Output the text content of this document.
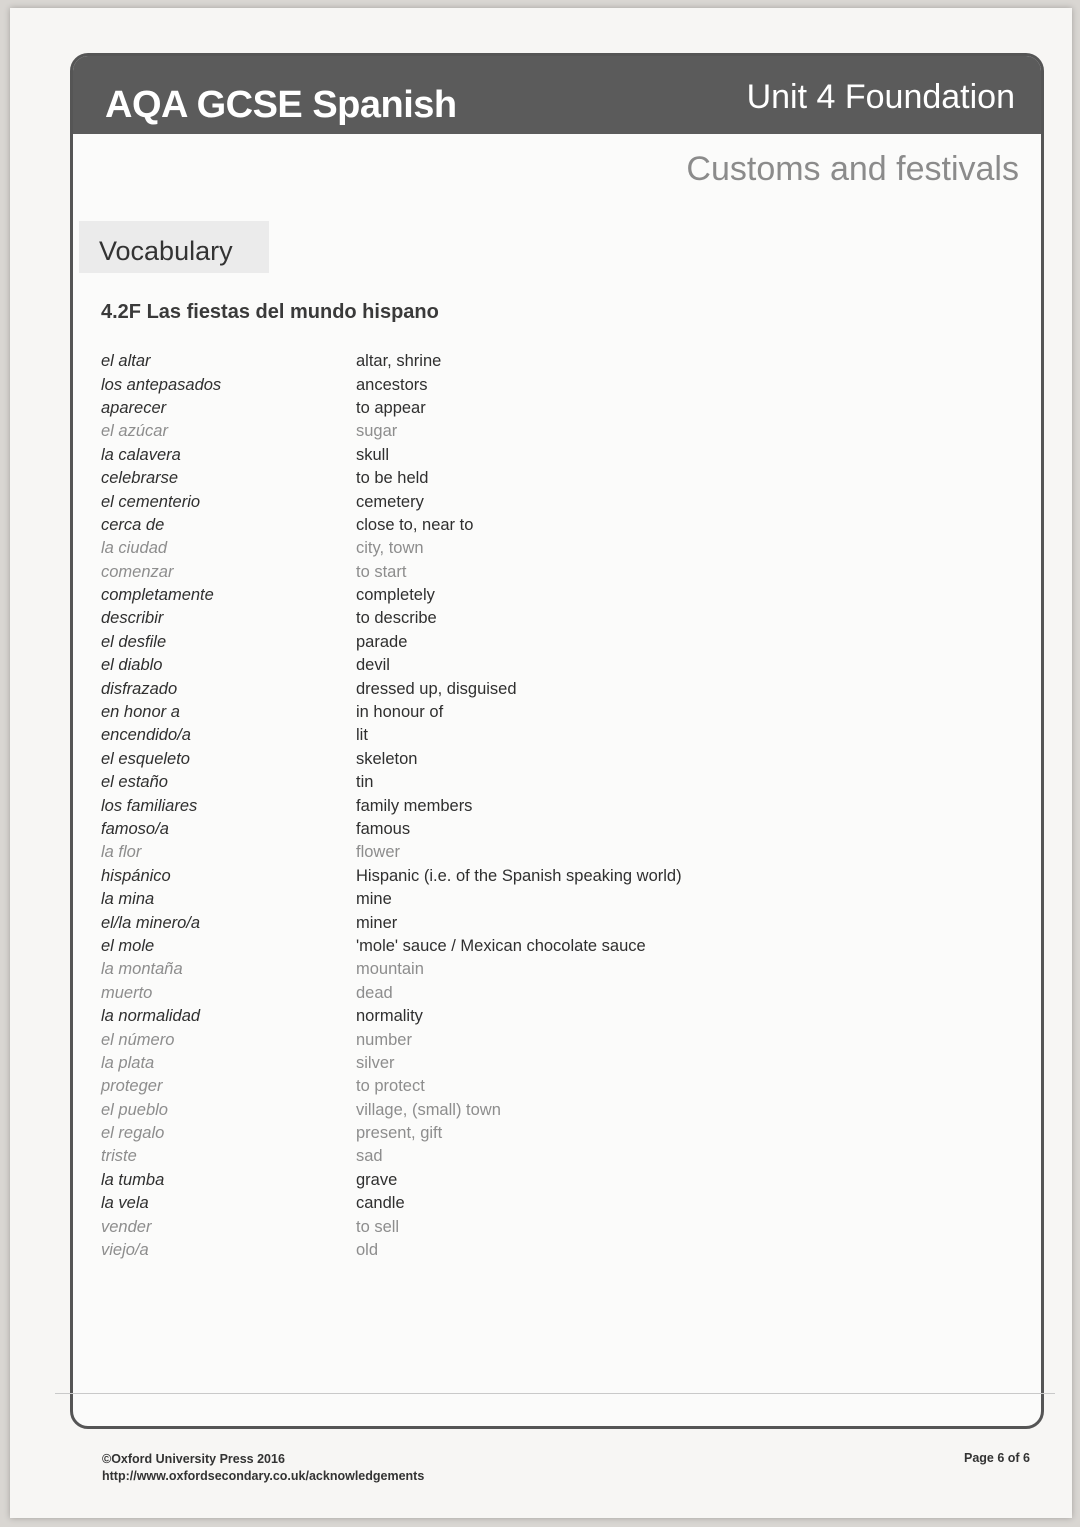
AQA GCSE Spanish	Unit 4 Foundation
Customs and festivals
Vocabulary
4.2F Las fiestas del mundo hispano
el altar	altar, shrine
los antepasados	ancestors
aparecer	to appear
el azúcar	sugar
la calavera	skull
celebrarse	to be held
el cementerio	cemetery
cerca de	close to, near to
la ciudad	city, town
comenzar	to start
completamente	completely
describir	to describe
el desfile	parade
el diablo	devil
disfrazado	dressed up, disguised
en honor a	in honour of
encendido/a	lit
el esqueleto	skeleton
el estaño	tin
los familiares	family members
famoso/a	famous
la flor	flower
hispánico	Hispanic (i.e. of the Spanish speaking world)
la mina	mine
el/la minero/a	miner
el mole	'mole' sauce / Mexican chocolate sauce
la montaña	mountain
muerto	dead
la normalidad	normality
el número	number
la plata	silver
proteger	to protect
el pueblo	village, (small) town
el regalo	present, gift
triste	sad
la tumba	grave
la vela	candle
vender	to sell
viejo/a	old
©Oxford University Press 2016
http://www.oxfordsecondary.co.uk/acknowledgements
Page 6 of 6
